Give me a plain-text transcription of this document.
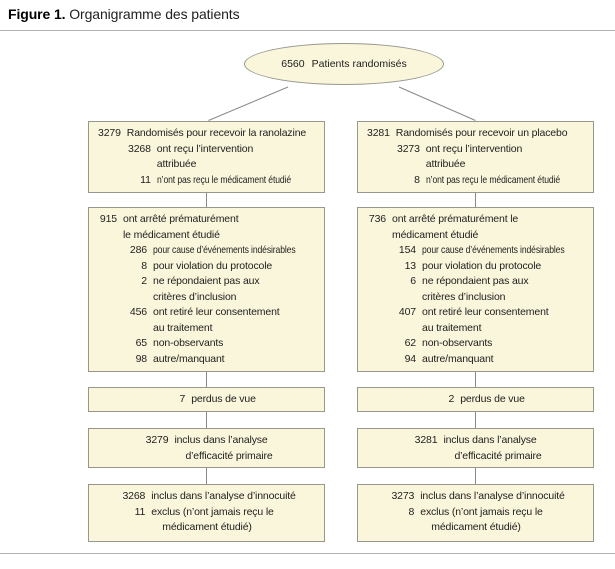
Figure 1. Organigramme des patients
6560 Patients randomisés
3279 Randomisés pour recevoir la ranolazine
3268 ont reçu l’intervention
attribuée
11 n’ont pas reçu le médicament étudié
915 ont arrêté prématurément
le médicament étudié
286 pour cause d’événements indésirables
8 pour violation du protocole
2 ne répondaient pas aux
critères d’inclusion
456 ont retiré leur consentement
au traitement
65 non-observants
98 autre/manquant
7 perdus de vue
3279 inclus dans l’analyse
d’efficacité primaire
3268 inclus dans l’analyse d’innocuité
11 exclus (n’ont jamais reçu le
médicament étudié)
3281 Randomisés pour recevoir un placebo
3273 ont reçu l’intervention
attribuée
8 n’ont pas reçu le médicament étudié
736 ont arrêté prématurément le
médicament étudié
154 pour cause d’événements indésirables
13 pour violation du protocole
6 ne répondaient pas aux
critères d’inclusion
407 ont retiré leur consentement
au traitement
62 non-observants
94 autre/manquant
2 perdus de vue
3281 inclus dans l’analyse
d’efficacité primaire
3273 inclus dans l’analyse d’innocuité
8 exclus (n’ont jamais reçu le
médicament étudié)
